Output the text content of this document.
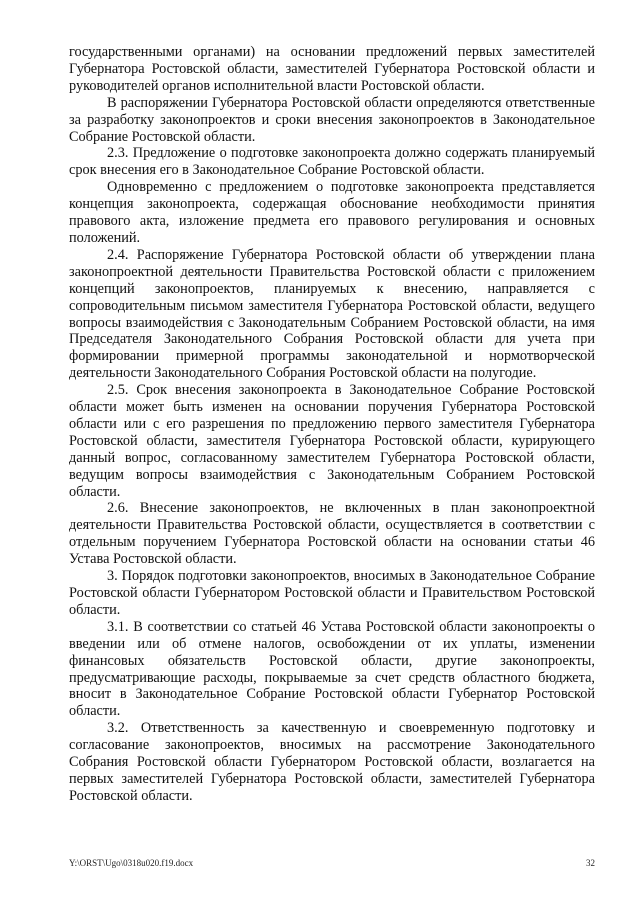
государственными органами) на основании предложений первых заместителей Губернатора Ростовской области, заместителей Губернатора Ростовской области и руководителей органов исполнительной власти Ростовской области.

В распоряжении Губернатора Ростовской области определяются ответственные за разработку законопроектов и сроки внесения законопроектов в Законодательное Собрание Ростовской области.

2.3. Предложение о подготовке законопроекта должно содержать планируемый срок внесения его в Законодательное Собрание Ростовской области.

Одновременно с предложением о подготовке законопроекта представляется концепция законопроекта, содержащая обоснование необходимости принятия правового акта, изложение предмета его правового регулирования и основных положений.

2.4. Распоряжение Губернатора Ростовской области об утверждении плана законопроектной деятельности Правительства Ростовской области с приложением концепций законопроектов, планируемых к внесению, направляется с сопроводительным письмом заместителя Губернатора Ростовской области, ведущего вопросы взаимодействия с Законодательным Собранием Ростовской области, на имя Председателя Законодательного Собрания Ростовской области для учета при формировании примерной программы законодательной и нормотворческой деятельности Законодательного Собрания Ростовской области на полугодие.

2.5. Срок внесения законопроекта в Законодательное Собрание Ростовской области может быть изменен на основании поручения Губернатора Ростовской области или с его разрешения по предложению первого заместителя Губернатора Ростовской области, заместителя Губернатора Ростовской области, курирующего данный вопрос, согласованному заместителем Губернатора Ростовской области, ведущим вопросы взаимодействия с Законодательным Собранием Ростовской области.

2.6. Внесение законопроектов, не включенных в план законопроектной деятельности Правительства Ростовской области, осуществляется в соответствии с отдельным поручением Губернатора Ростовской области на основании статьи 46 Устава Ростовской области.

3. Порядок подготовки законопроектов, вносимых в Законодательное Собрание Ростовской области Губернатором Ростовской области и Правительством Ростовской области.

3.1. В соответствии со статьей 46 Устава Ростовской области законопроекты о введении или об отмене налогов, освобождении от их уплаты, изменении финансовых обязательств Ростовской области, другие законопроекты, предусматривающие расходы, покрываемые за счет средств областного бюджета, вносит в Законодательное Собрание Ростовской области Губернатор Ростовской области.

3.2. Ответственность за качественную и своевременную подготовку и согласование законопроектов, вносимых на рассмотрение Законодательного Собрания Ростовской области Губернатором Ростовской области, возлагается на первых заместителей Губернатора Ростовской области, заместителей Губернатора Ростовской области.

Y:\ORST\Ugo\0318u020.f19.docx	32
